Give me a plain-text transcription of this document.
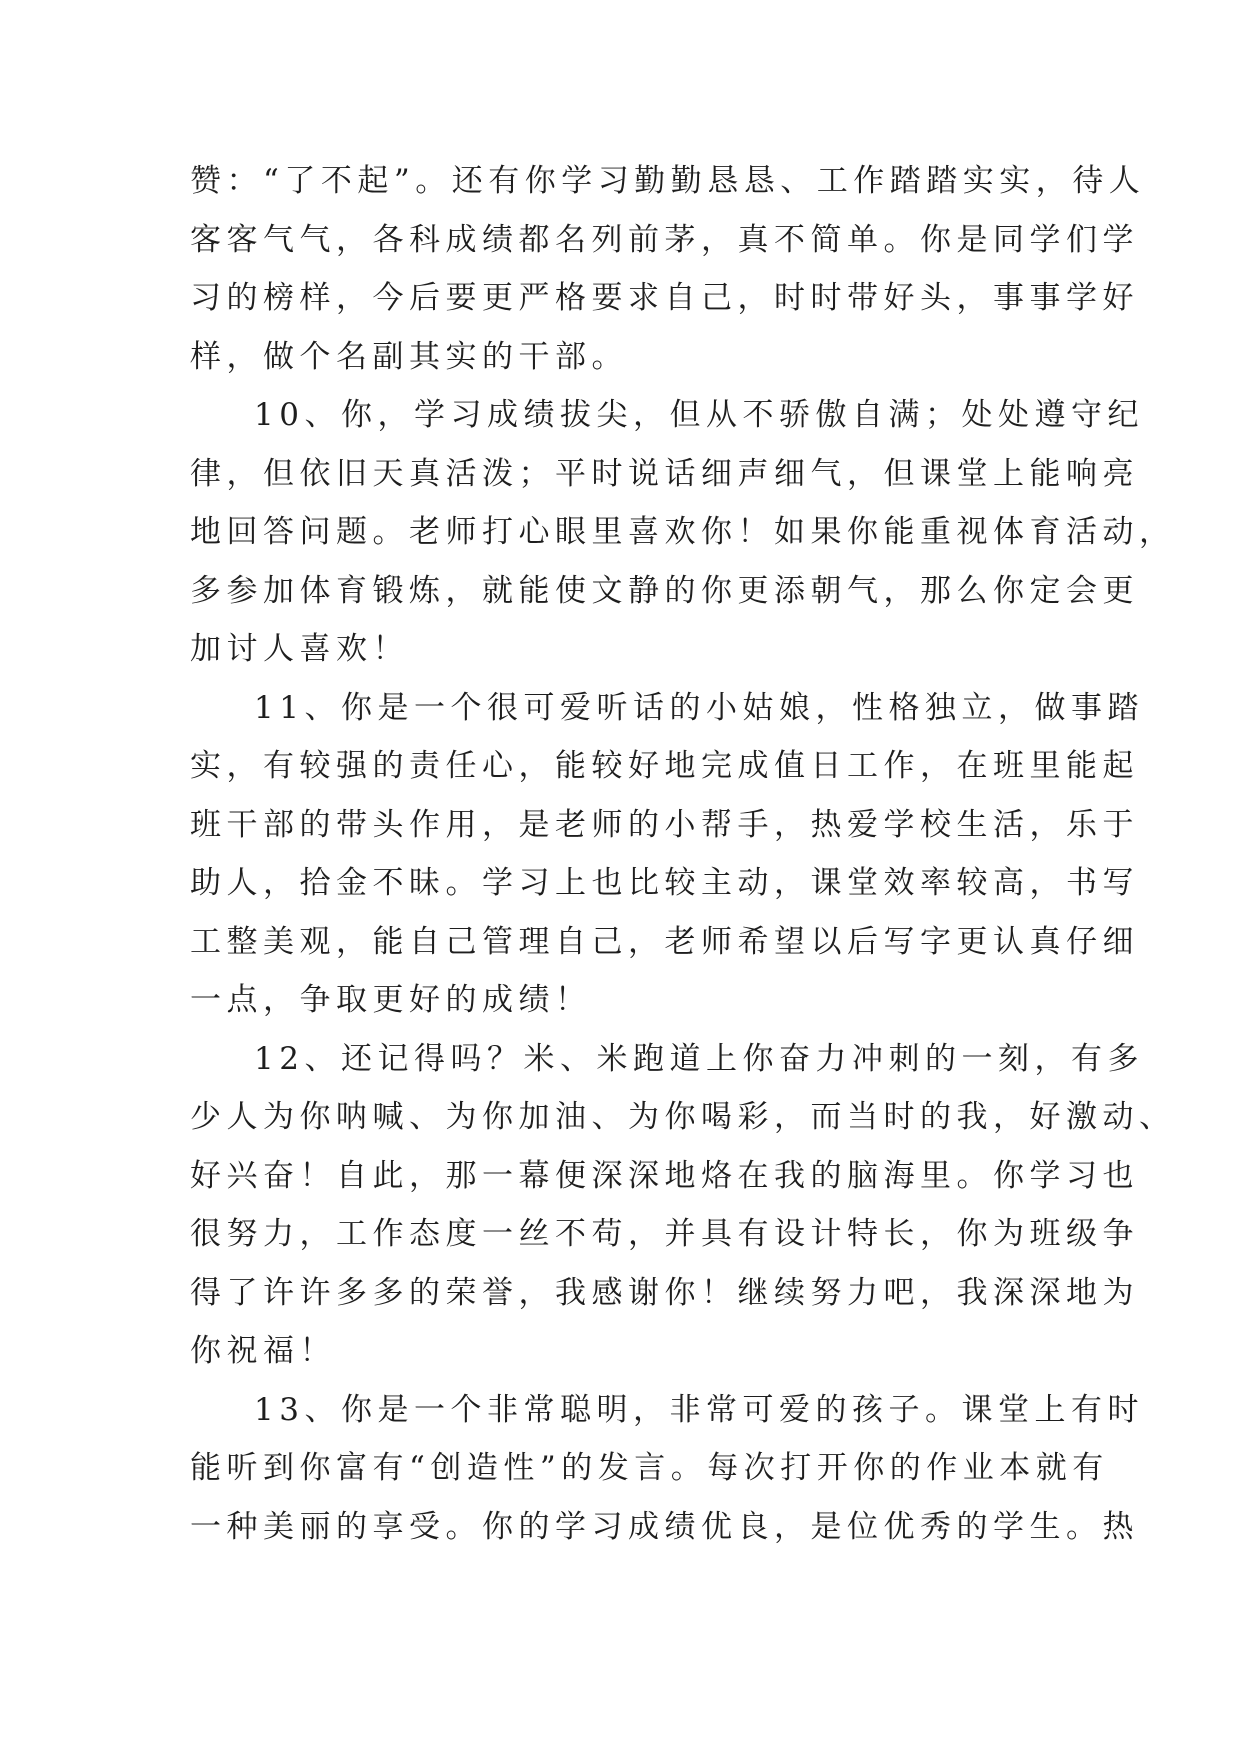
赞：“了不起”。还有你学习勤勤恳恳、工作踏踏实实，待人
客客气气，各科成绩都名列前茅，真不简单。你是同学们学
习的榜样，今后要更严格要求自己，时时带好头，事事学好
样，做个名副其实的干部。
10、你，学习成绩拔尖，但从不骄傲自满；处处遵守纪
律，但依旧天真活泼；平时说话细声细气，但课堂上能响亮
地回答问题。老师打心眼里喜欢你！如果你能重视体育活动，
多参加体育锻炼，就能使文静的你更添朝气，那么你定会更
加讨人喜欢！
11、你是一个很可爱听话的小姑娘，性格独立，做事踏
实，有较强的责任心，能较好地完成值日工作，在班里能起
班干部的带头作用，是老师的小帮手，热爱学校生活，乐于
助人，拾金不昧。学习上也比较主动，课堂效率较高，书写
工整美观，能自己管理自己，老师希望以后写字更认真仔细
一点，争取更好的成绩！
12、还记得吗？米、米跑道上你奋力冲刺的一刻，有多
少人为你呐喊、为你加油、为你喝彩，而当时的我，好激动、
好兴奋！自此，那一幕便深深地烙在我的脑海里。你学习也
很努力，工作态度一丝不苟，并具有设计特长，你为班级争
得了许许多多的荣誉，我感谢你！继续努力吧，我深深地为
你祝福！
13、你是一个非常聪明，非常可爱的孩子。课堂上有时
能听到你富有“创造性”的发言。每次打开你的作业本就有
一种美丽的享受。你的学习成绩优良，是位优秀的学生。热
